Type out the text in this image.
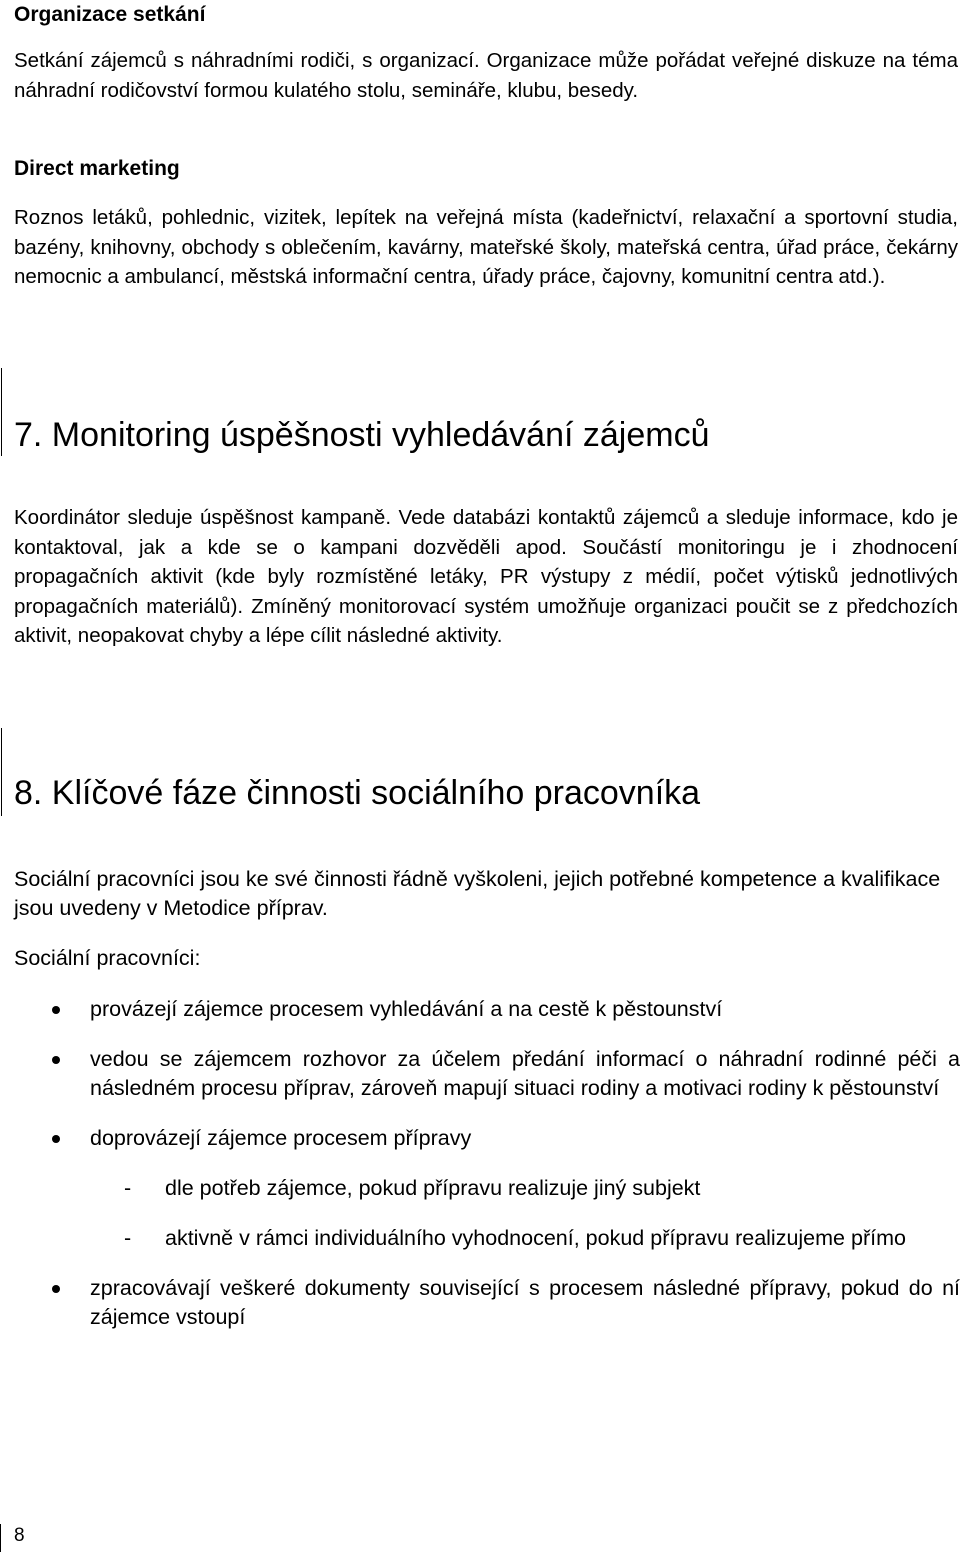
Organizace setkání
Setkání zájemců s náhradními rodiči, s organizací. Organizace může pořádat veřejné diskuze na téma náhradní rodičovství formou kulatého stolu, semináře, klubu, besedy.
Direct marketing
Roznos letáků, pohlednic, vizitek, lepítek na veřejná místa (kadeřnictví, relaxační a sportovní studia, bazény, knihovny, obchody s oblečením, kavárny, mateřské školy, mateřská centra, úřad práce, čekárny nemocnic a ambulancí, městská informační centra, úřady práce, čajovny, komunitní centra atd.).
7. Monitoring úspěšnosti vyhledávání zájemců
Koordinátor sleduje úspěšnost kampaně. Vede databázi kontaktů zájemců a sleduje informace, kdo je kontaktoval, jak a kde se o kampani dozvěděli apod. Součástí monitoringu je i zhodnocení propagačních aktivit (kde byly rozmístěné letáky, PR výstupy z médií, počet výtisků jednotlivých propagačních materiálů). Zmíněný monitorovací systém umožňuje organizaci poučit se z předchozích aktivit, neopakovat chyby a lépe cílit následné aktivity.
8. Klíčové fáze činnosti sociálního pracovníka
Sociální pracovníci jsou ke své činnosti řádně vyškoleni, jejich potřebné kompetence a kvalifikace jsou uvedeny v Metodice příprav.
Sociální pracovníci:
provázejí zájemce procesem vyhledávání a na cestě k pěstounství
vedou se zájemcem rozhovor za účelem předání informací o náhradní rodinné péči a následném procesu příprav, zároveň mapují situaci rodiny a motivaci rodiny k pěstounství
doprovázejí zájemce procesem přípravy
- dle potřeb zájemce, pokud přípravu realizuje jiný subjekt
- aktivně v rámci individuálního vyhodnocení, pokud přípravu realizujeme přímo
zpracovávají veškeré dokumenty související s procesem následné přípravy, pokud do ní zájemce vstoupí
8
